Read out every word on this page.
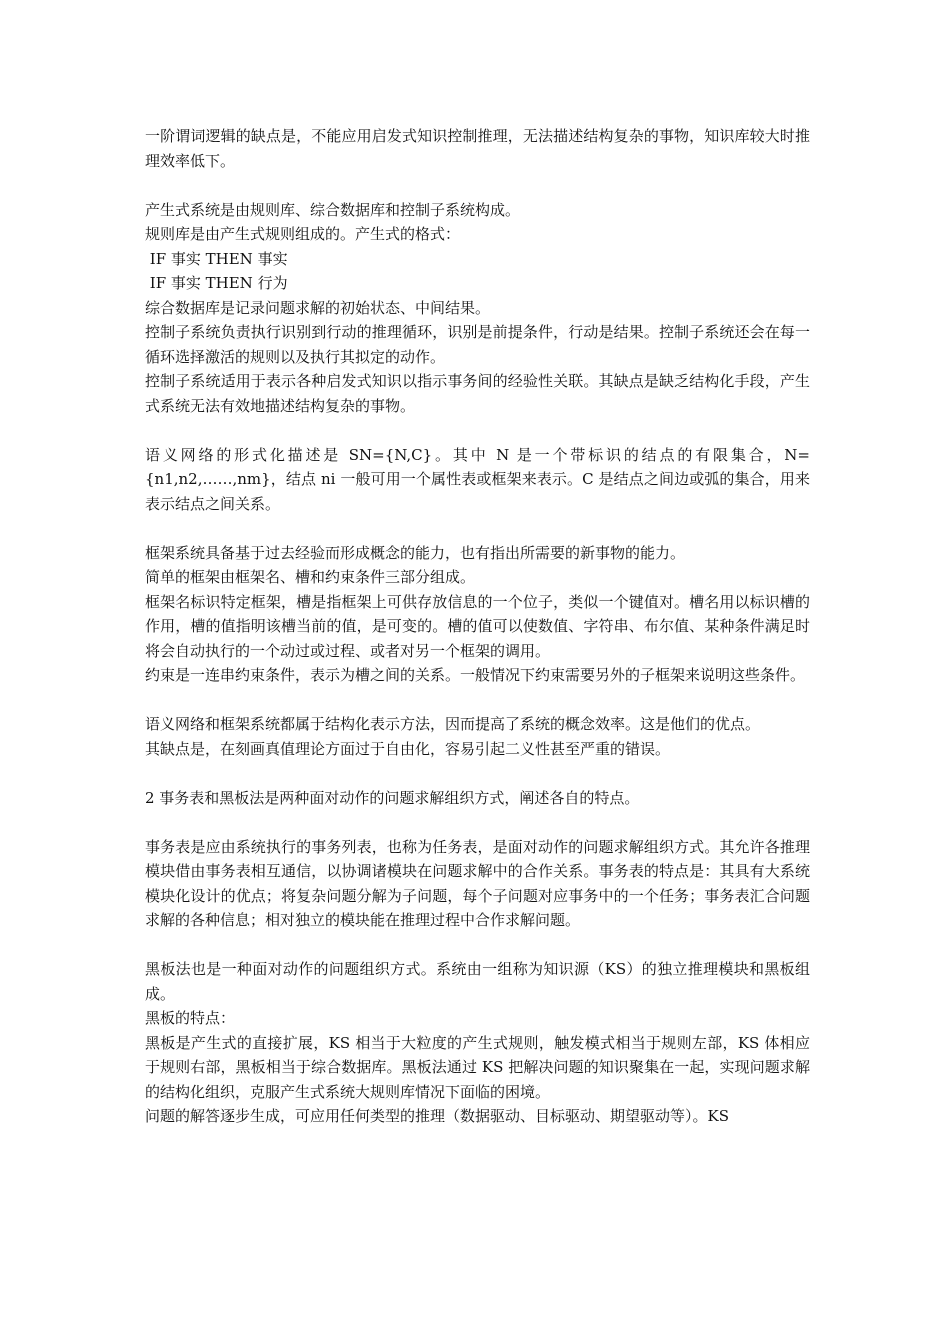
一阶谓词逻辑的缺点是，不能应用启发式知识控制推理，无法描述结构复杂的事物，知识库较大时推理效率低下。

产生式系统是由规则库、综合数据库和控制子系统构成。

规则库是由产生式规则组成的。产生式的格式：

IF 事实 THEN 事实

IF 事实 THEN 行为

综合数据库是记录问题求解的初始状态、中间结果。

控制子系统负责执行识别到行动的推理循环，识别是前提条件，行动是结果。控制子系统还会在每一循环选择激活的规则以及执行其拟定的动作。

控制子系统适用于表示各种启发式知识以指示事务间的经验性关联。其缺点是缺乏结构化手段，产生式系统无法有效地描述结构复杂的事物。

语义网络的形式化描述是 SN={N,C}。其中 N 是一个带标识的结点的有限集合，N={n1,n2,……,nm}，结点 ni 一般可用一个属性表或框架来表示。C 是结点之间边或弧的集合，用来表示结点之间关系。

框架系统具备基于过去经验而形成概念的能力，也有指出所需要的新事物的能力。

简单的框架由框架名、槽和约束条件三部分组成。

框架名标识特定框架，槽是指框架上可供存放信息的一个位子，类似一个键值对。槽名用以标识槽的作用，槽的值指明该槽当前的值，是可变的。槽的值可以使数值、字符串、布尔值、某种条件满足时将会自动执行的一个动过或过程、或者对另一个框架的调用。

约束是一连串约束条件，表示为槽之间的关系。一般情况下约束需要另外的子框架来说明这些条件。

语义网络和框架系统都属于结构化表示方法，因而提高了系统的概念效率。这是他们的优点。

其缺点是，在刻画真值理论方面过于自由化，容易引起二义性甚至严重的错误。

2 事务表和黑板法是两种面对动作的问题求解组织方式，阐述各自的特点。

事务表是应由系统执行的事务列表，也称为任务表，是面对动作的问题求解组织方式。其允许各推理模块借由事务表相互通信，以协调诸模块在问题求解中的合作关系。事务表的特点是：其具有大系统模块化设计的优点；将复杂问题分解为子问题，每个子问题对应事务中的一个任务；事务表汇合问题求解的各种信息；相对独立的模块能在推理过程中合作求解问题。

黑板法也是一种面对动作的问题组织方式。系统由一组称为知识源（KS）的独立推理模块和黑板组成。

黑板的特点：

黑板是产生式的直接扩展，KS 相当于大粒度的产生式规则，触发模式相当于规则左部，KS 体相应于规则右部，黑板相当于综合数据库。黑板法通过 KS 把解决问题的知识聚集在一起，实现问题求解的结构化组织，克服产生式系统大规则库情况下面临的困境。

问题的解答逐步生成，可应用任何类型的推理（数据驱动、目标驱动、期望驱动等）。KS
